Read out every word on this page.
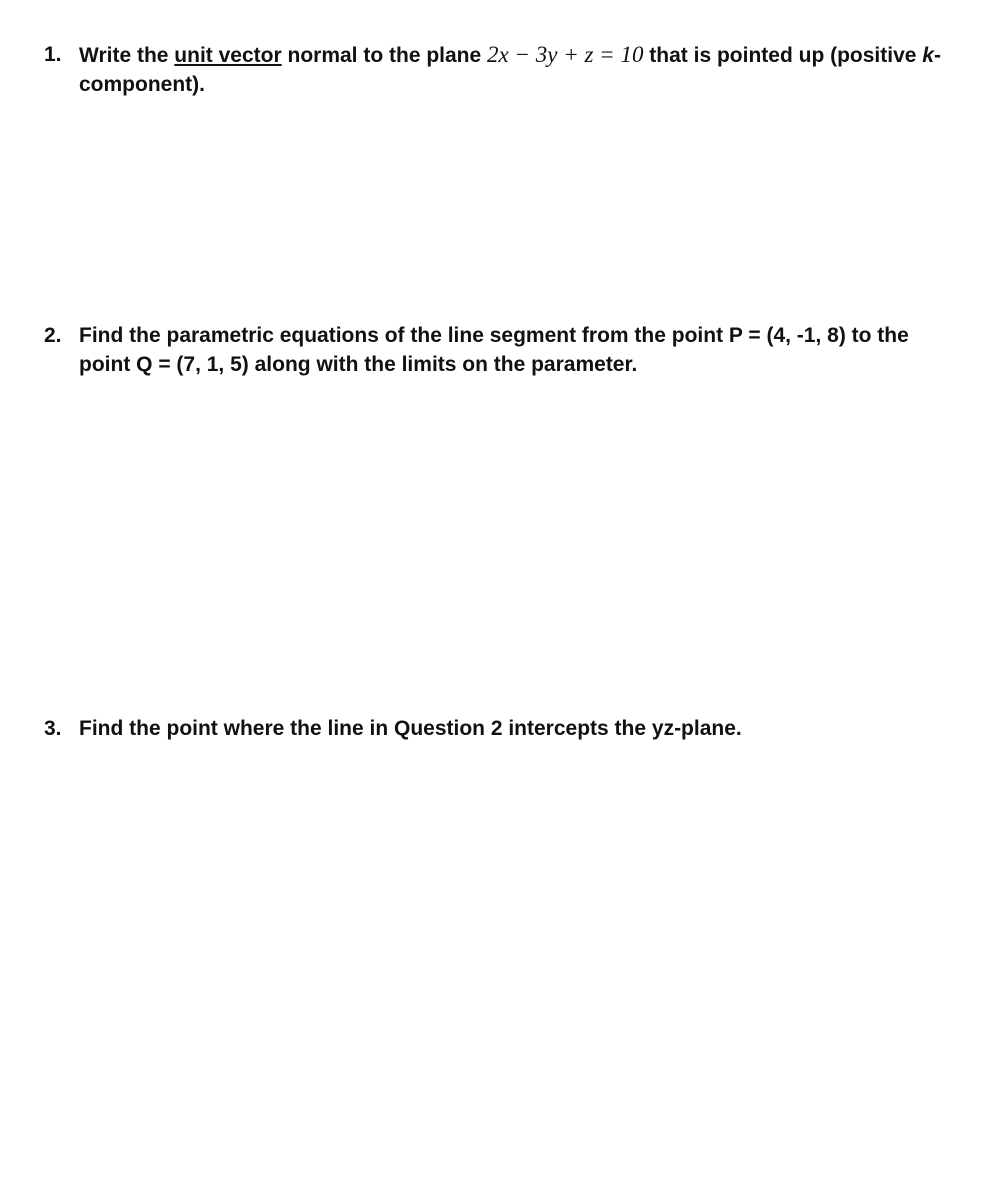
1. Write the unit vector normal to the plane 2x − 3y + z = 10 that is pointed up (positive k-component).
2. Find the parametric equations of the line segment from the point P = (4, -1, 8) to the point Q = (7, 1, 5) along with the limits on the parameter.
3. Find the point where the line in Question 2 intercepts the yz-plane.
